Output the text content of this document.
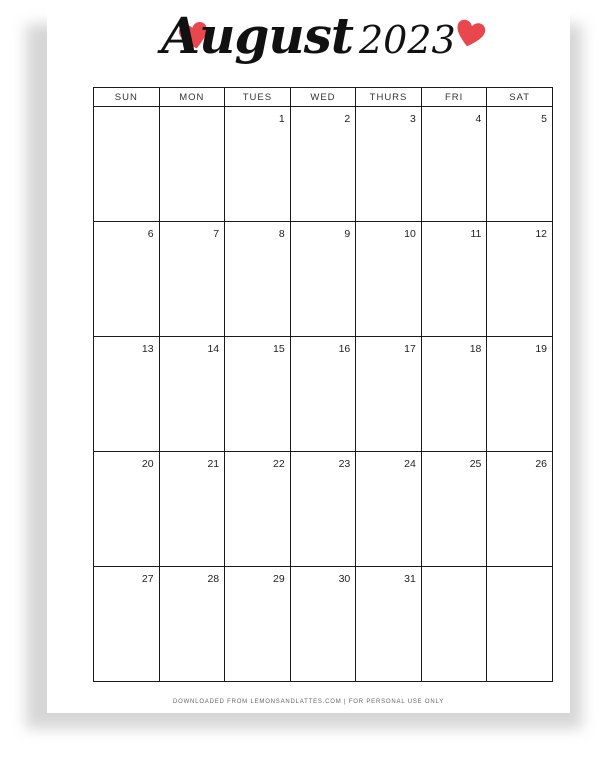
August 2023
SUN	MON	TUES	WED	THURS	FRI	SAT

		1	2	3	4	5

6	7	8	9	10	11	12

13	14	15	16	17	18	19

20	21	22	23	24	25	26

27	28	29	30	31		

DOWNLOADED FROM LEMONSANDLATTES.COM | FOR PERSONAL USE ONLY
